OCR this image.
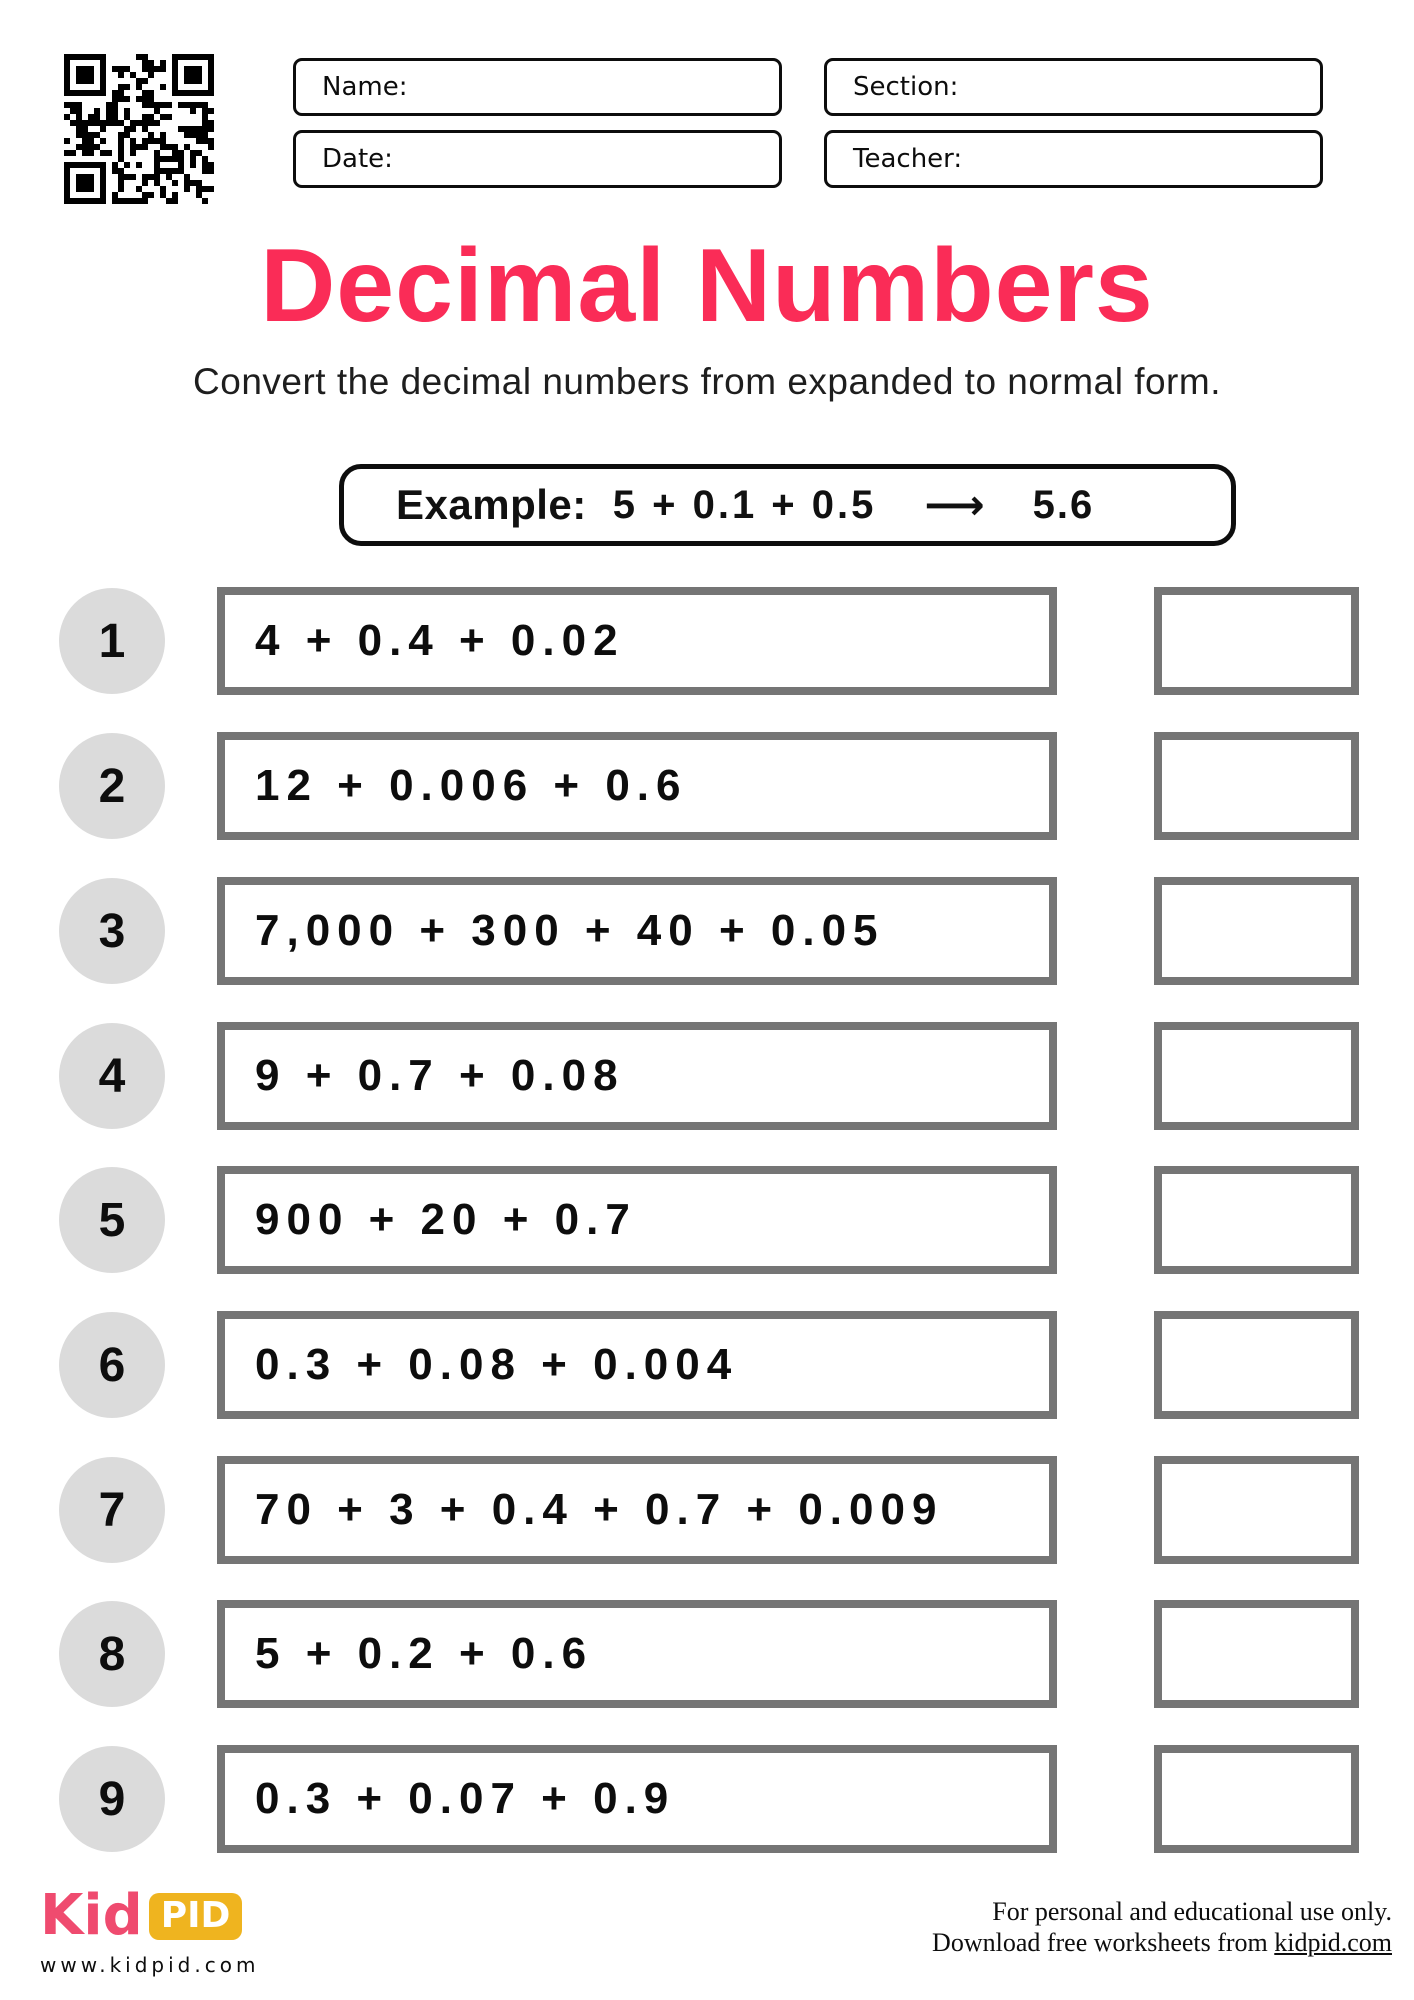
Name:	Section:
Date:	Teacher:
Decimal Numbers
Convert the decimal numbers from expanded to normal form.
Example: 5 + 0.1 + 0.5 ⟶ 5.6
1	4 + 0.4 + 0.02
2	12 + 0.006 + 0.6
3	7,000 + 300 + 40 + 0.05
4	9 + 0.7 + 0.08
5	900 + 20 + 0.7
6	0.3 + 0.08 + 0.004
7	70 + 3 + 0.4 + 0.7 + 0.009
8	5 + 0.2 + 0.6
9	0.3 + 0.07 + 0.9
Kid PID
www.kidpid.com
For personal and educational use only.
Download free worksheets from kidpid.com
